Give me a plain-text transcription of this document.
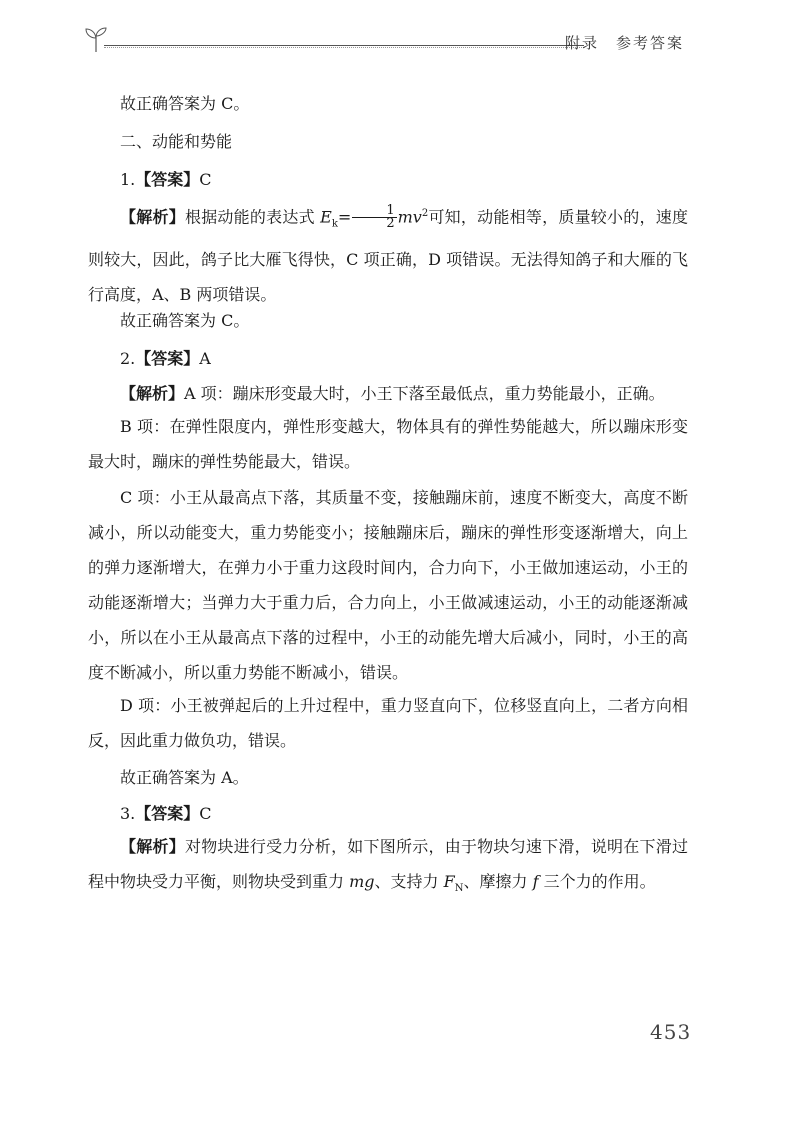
附录　参考答案
故正确答案为 C。
二、动能和势能
1.【答案】C
【解析】根据动能的表达式 $E_k= \frac{1}{2} mv^2$可知，动能相等，质量较小的，速度则较大，因此，鸽子比大雁飞得快，C 项正确，D 项错误。无法得知鸽子和大雁的飞行高度，A、B 两项错误。
故正确答案为 C。
2.【答案】A
【解析】A 项：蹦床形变最大时，小王下落至最低点，重力势能最小，正确。
B 项：在弹性限度内，弹性形变越大，物体具有的弹性势能越大，所以蹦床形变最大时，蹦床的弹性势能最大，错误。
C 项：小王从最高点下落，其质量不变，接触蹦床前，速度不断变大，高度不断减小，所以动能变大，重力势能变小；接触蹦床后，蹦床的弹性形变逐渐增大，向上的弹力逐渐增大，在弹力小于重力这段时间内，合力向下，小王做加速运动，小王的动能逐渐增大；当弹力大于重力后，合力向上，小王做减速运动，小王的动能逐渐减小，所以在小王从最高点下落的过程中，小王的动能先增大后减小，同时，小王的高度不断减小，所以重力势能不断减小，错误。
D 项：小王被弹起后的上升过程中，重力竖直向下，位移竖直向上，二者方向相反，因此重力做负功，错误。
故正确答案为 A。
3.【答案】C
【解析】对物块进行受力分析，如下图所示，由于物块匀速下滑，说明在下滑过程中物块受力平衡，则物块受到重力 mg、支持力 $F_N$、摩擦力 f 三个力的作用。
453
